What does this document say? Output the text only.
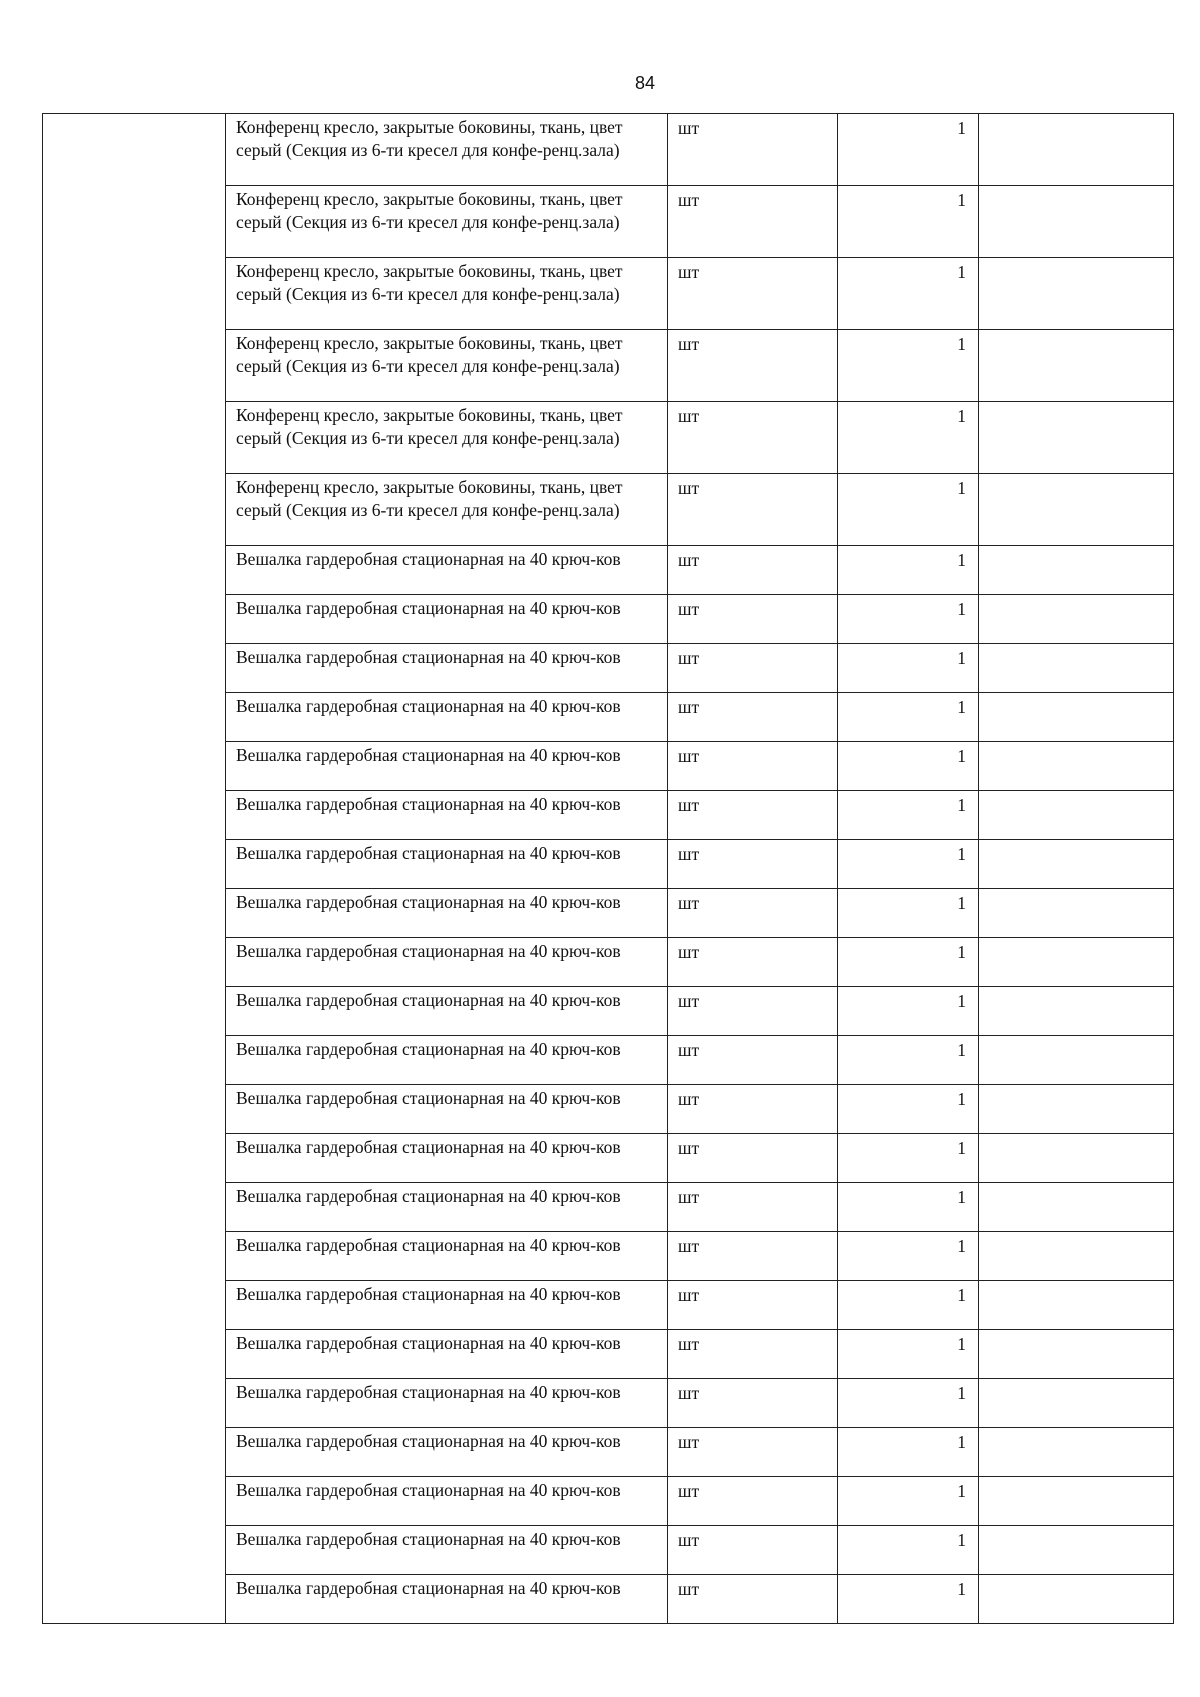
84
	Конференц кресло, закрытые боковины, ткань, цвет серый (Секция из 6-ти кресел для конфе-ренц.зала)	шт	1	
	Конференц кресло, закрытые боковины, ткань, цвет серый (Секция из 6-ти кресел для конфе-ренц.зала)	шт	1	
	Конференц кресло, закрытые боковины, ткань, цвет серый (Секция из 6-ти кресел для конфе-ренц.зала)	шт	1	
	Конференц кресло, закрытые боковины, ткань, цвет серый (Секция из 6-ти кресел для конфе-ренц.зала)	шт	1	
	Конференц кресло, закрытые боковины, ткань, цвет серый (Секция из 6-ти кресел для конфе-ренц.зала)	шт	1	
	Конференц кресло, закрытые боковины, ткань, цвет серый (Секция из 6-ти кресел для конфе-ренц.зала)	шт	1	
	Вешалка гардеробная стационарная на 40 крюч-ков	шт	1	
	Вешалка гардеробная стационарная на 40 крюч-ков	шт	1	
	Вешалка гардеробная стационарная на 40 крюч-ков	шт	1	
	Вешалка гардеробная стационарная на 40 крюч-ков	шт	1	
	Вешалка гардеробная стационарная на 40 крюч-ков	шт	1	
	Вешалка гардеробная стационарная на 40 крюч-ков	шт	1	
	Вешалка гардеробная стационарная на 40 крюч-ков	шт	1	
	Вешалка гардеробная стационарная на 40 крюч-ков	шт	1	
	Вешалка гардеробная стационарная на 40 крюч-ков	шт	1	
	Вешалка гардеробная стационарная на 40 крюч-ков	шт	1	
	Вешалка гардеробная стационарная на 40 крюч-ков	шт	1	
	Вешалка гардеробная стационарная на 40 крюч-ков	шт	1	
	Вешалка гардеробная стационарная на 40 крюч-ков	шт	1	
	Вешалка гардеробная стационарная на 40 крюч-ков	шт	1	
	Вешалка гардеробная стационарная на 40 крюч-ков	шт	1	
	Вешалка гардеробная стационарная на 40 крюч-ков	шт	1	
	Вешалка гардеробная стационарная на 40 крюч-ков	шт	1	
	Вешалка гардеробная стационарная на 40 крюч-ков	шт	1	
	Вешалка гардеробная стационарная на 40 крюч-ков	шт	1	
	Вешалка гардеробная стационарная на 40 крюч-ков	шт	1	
	Вешалка гардеробная стационарная на 40 крюч-ков	шт	1	
	Вешалка гардеробная стационарная на 40 крюч-ков	шт	1	
